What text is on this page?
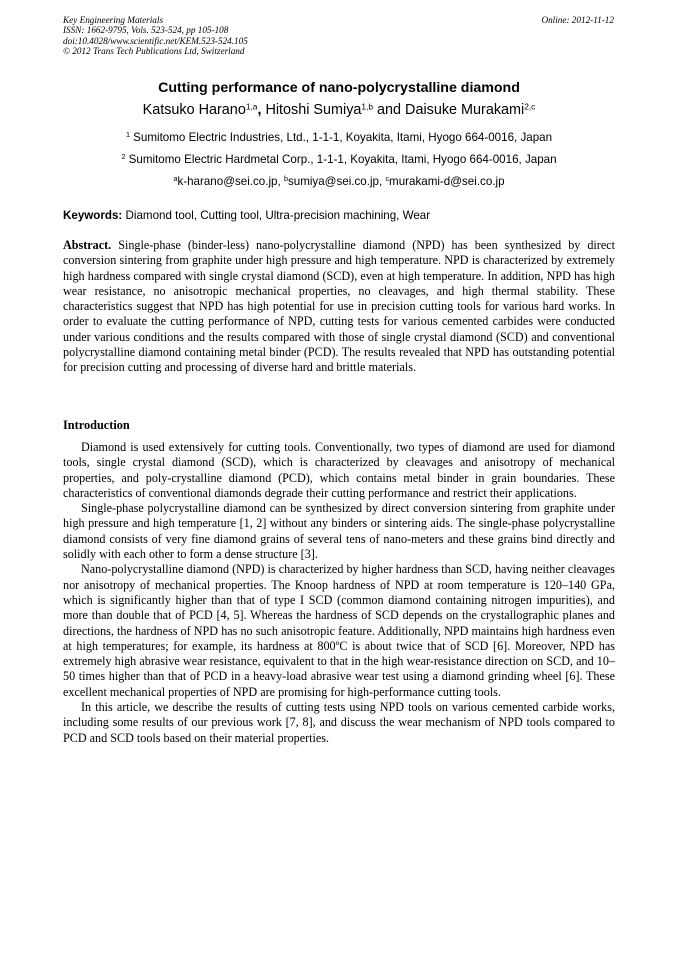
Key Engineering Materials
ISSN: 1662-9795, Vols. 523-524, pp 105-108
doi:10.4028/www.scientific.net/KEM.523-524.105
© 2012 Trans Tech Publications Ltd, Switzerland
Online: 2012-11-12
Cutting performance of nano-polycrystalline diamond
Katsuko Harano$^{1,a}$, Hitoshi Sumiya$^{1,b}$ and Daisuke Murakami$^{2,c}$
$^1$ Sumitomo Electric Industries, Ltd., 1-1-1, Koyakita, Itami, Hyogo 664-0016, Japan
$^2$ Sumitomo Electric Hardmetal Corp., 1-1-1, Koyakita, Itami, Hyogo 664-0016, Japan
$^a$k-harano@sei.co.jp, $^b$sumiya@sei.co.jp, $^c$murakami-d@sei.co.jp
Keywords: Diamond tool, Cutting tool, Ultra-precision machining, Wear
Abstract. Single-phase (binder-less) nano-polycrystalline diamond (NPD) has been synthesized by direct conversion sintering from graphite under high pressure and high temperature. NPD is characterized by extremely high hardness compared with single crystal diamond (SCD), even at high temperature. In addition, NPD has high wear resistance, no anisotropic mechanical properties, no cleavages, and high thermal stability. These characteristics suggest that NPD has high potential for use in precision cutting tools for various hard works. In order to evaluate the cutting performance of NPD, cutting tests for various cemented carbides were conducted under various conditions and the results compared with those of single crystal diamond (SCD) and conventional polycrystalline diamond containing metal binder (PCD). The results revealed that NPD has outstanding potential for precision cutting and processing of diverse hard and brittle materials.
Introduction

Diamond is used extensively for cutting tools. Conventionally, two types of diamond are used for diamond tools, single crystal diamond (SCD), which is characterized by cleavages and anisotropy of mechanical properties, and poly-crystalline diamond (PCD), which contains metal binder in grain boundaries. These characteristics of conventional diamonds degrade their cutting performance and restrict their applications.

Single-phase polycrystalline diamond can be synthesized by direct conversion sintering from graphite under high pressure and high temperature [1, 2] without any binders or sintering aids. The single-phase polycrystalline diamond consists of very fine diamond grains of several tens of nano-meters and these grains bind directly and solidly with each other to form a dense structure [3].

Nano-polycrystalline diamond (NPD) is characterized by higher hardness than SCD, having neither cleavages nor anisotropy of mechanical properties. The Knoop hardness of NPD at room temperature is 120–140 GPa, which is significantly higher than that of type I SCD (common diamond containing nitrogen impurities), and more than double that of PCD [4, 5]. Whereas the hardness of SCD depends on the crystallographic planes and directions, the hardness of NPD has no such anisotropic feature. Additionally, NPD maintains high hardness even at high temperatures; for example, its hardness at 800ºC is about twice that of SCD [6]. Moreover, NPD has extremely high abrasive wear resistance, equivalent to that in the high wear-resistance direction on SCD, and 10–50 times higher than that of PCD in a heavy-load abrasive wear test using a diamond grinding wheel [6]. These excellent mechanical properties of NPD are promising for high-performance cutting tools.

In this article, we describe the results of cutting tests using NPD tools on various cemented carbide works, including some results of our previous work [7, 8], and discuss the wear mechanism of NPD tools compared to PCD and SCD tools based on their material properties.
